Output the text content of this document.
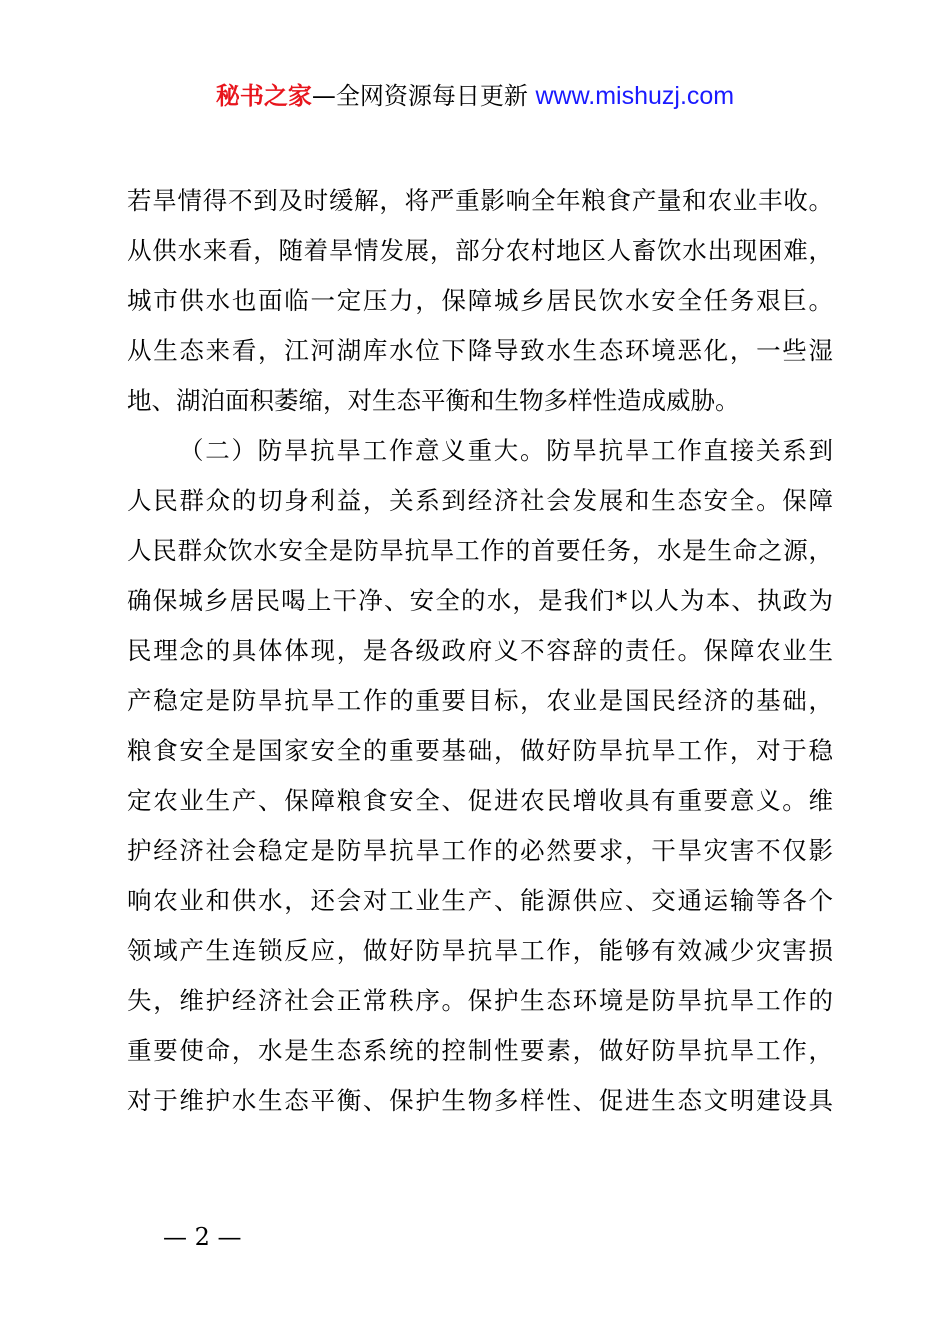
秘书之家—全网资源每日更新 www.mishuzj.com
若旱情得不到及时缓解，将严重影响全年粮食产量和农业丰收。
从供水来看，随着旱情发展，部分农村地区人畜饮水出现困难，
城市供水也面临一定压力，保障城乡居民饮水安全任务艰巨。
从生态来看，江河湖库水位下降导致水生态环境恶化，一些湿
地、湖泊面积萎缩，对生态平衡和生物多样性造成威胁。
（二）防旱抗旱工作意义重大。防旱抗旱工作直接关系到
人民群众的切身利益，关系到经济社会发展和生态安全。保障
人民群众饮水安全是防旱抗旱工作的首要任务，水是生命之源，
确保城乡居民喝上干净、安全的水，是我们*以人为本、执政为
民理念的具体体现，是各级政府义不容辞的责任。保障农业生
产稳定是防旱抗旱工作的重要目标，农业是国民经济的基础，
粮食安全是国家安全的重要基础，做好防旱抗旱工作，对于稳
定农业生产、保障粮食安全、促进农民增收具有重要意义。维
护经济社会稳定是防旱抗旱工作的必然要求，干旱灾害不仅影
响农业和供水，还会对工业生产、能源供应、交通运输等各个
领域产生连锁反应，做好防旱抗旱工作，能够有效减少灾害损
失，维护经济社会正常秩序。保护生态环境是防旱抗旱工作的
重要使命，水是生态系统的控制性要素，做好防旱抗旱工作，
对于维护水生态平衡、保护生物多样性、促进生态文明建设具
— 2 —
